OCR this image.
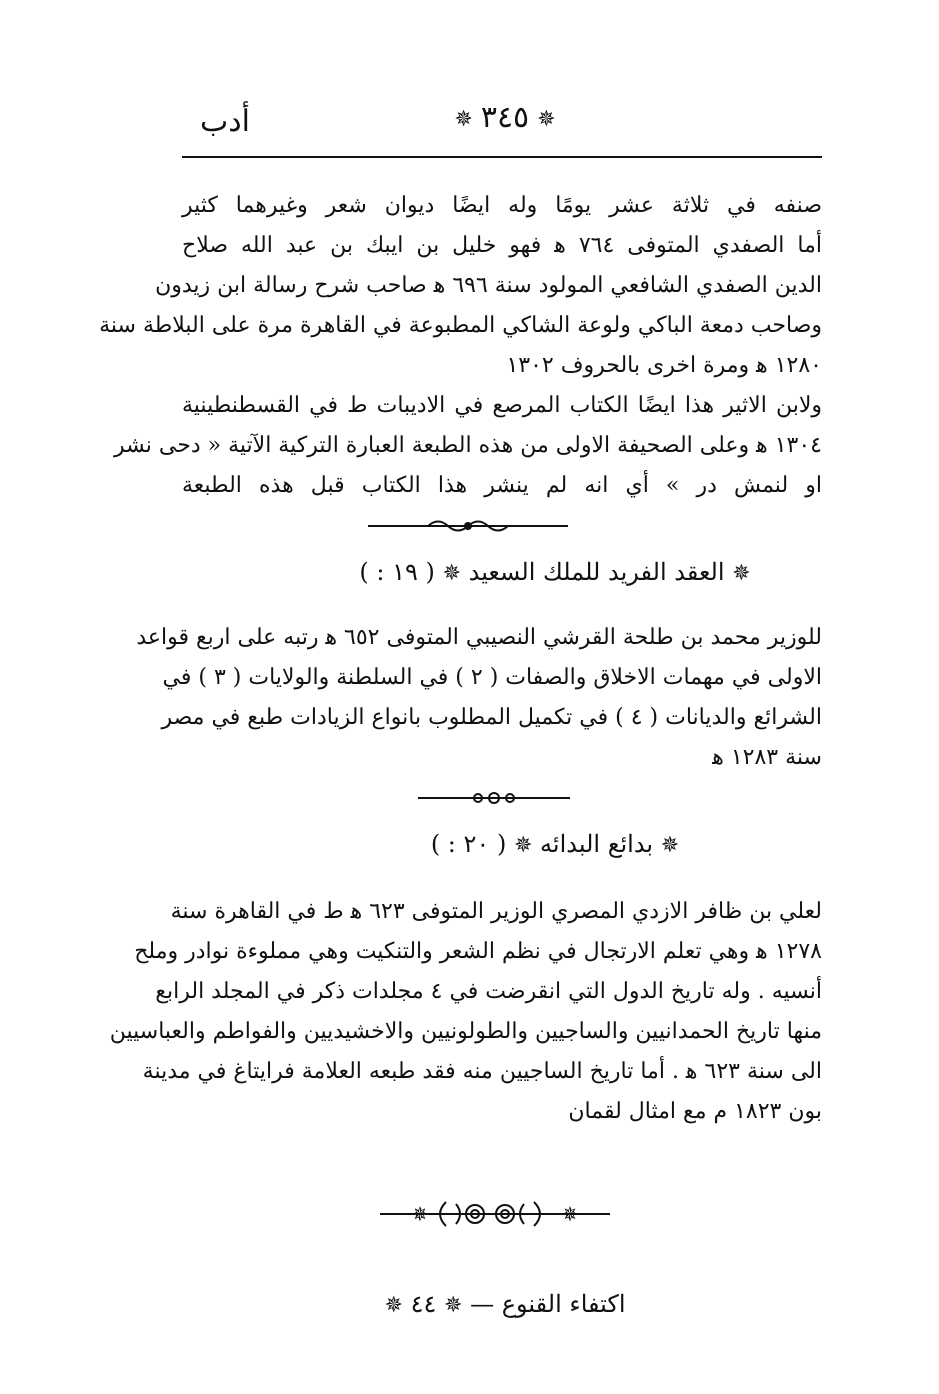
أدب	✵ ٣٤٥ ✵
صنفه في ثلاثة عشر يومًا وله ايضًا ديوان شعر وغيرهما كثير
أما الصفدي المتوفى ٧٦٤ ﻫ فهو خليل بن ايبك بن عبد الله صلاح
الدين الصفدي الشافعي المولود سنة ٦٩٦ ﻫ صاحب شرح رسالة ابن زيدون
وصاحب دمعة الباكي ولوعة الشاكي المطبوعة في القاهرة مرة على البلاطة سنة
١٢٨٠ ﻫ ومرة اخرى بالحروف ١٣٠٢
ولابن الاثير هذا ايضًا الكتاب المرصع في الاديبات ط في القسطنطينية
١٣٠٤ ﻫ وعلى الصحيفة الاولى من هذه الطبعة العبارة التركية الآتية « دحى نشر
او لنمش در » أي انه لم ينشر هذا الكتاب قبل هذه الطبعة
✵ العقد الفريد للملك السعيد ✵ ( ١٩ : )
للوزير محمد بن طلحة القرشي النصيبي المتوفى ٦٥٢ ﻫ رتبه على اربع قواعد
الاولى في مهمات الاخلاق والصفات ( ٢ ) في السلطنة والولايات ( ٣ ) في
الشرائع والديانات ( ٤ ) في تكميل المطلوب بانواع الزيادات طبع في مصر
سنة ١٢٨٣ ﻫ
✵ بدائع البدائه ✵ ( ٢٠ : )
لعلي بن ظافر الازدي المصري الوزير المتوفى ٦٢٣ ﻫ ط في القاهرة سنة
١٢٧٨ ﻫ وهي تعلم الارتجال في نظم الشعر والتنكيت وهي مملوءة نوادر وملح
أنسيه . وله تاريخ الدول التي انقرضت في ٤ مجلدات ذكر في المجلد الرابع
منها تاريخ الحمدانيين والساجيين والطولونيين والاخشيديين والفواطم والعباسيين
الى سنة ٦٢٣ ﻫ . أما تاريخ الساجيين منه فقد طبعه العلامة فرايتاغ في مدينة
بون ١٨٢٣ م مع امثال لقمان
✵	✵
اكتفاء القنوع — ✵ ٤٤ ✵
